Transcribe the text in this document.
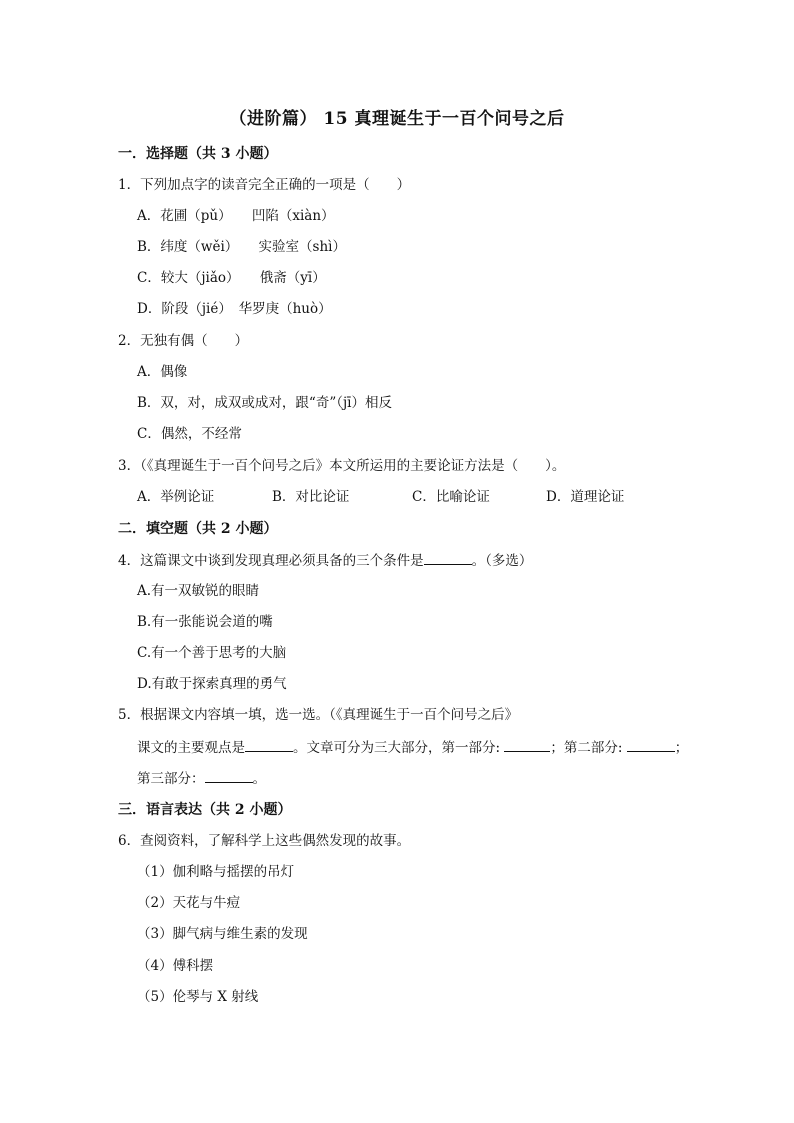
（进阶篇） 15 真理诞生于一百个问号之后
一．选择题（共 3 小题）
1．下列加点字的读音完全正确的一项是（　　）
A．花圃（pǔ）　　凹陷（xiàn）
B．纬度（wěi）　　实验室（shì）
C．较大（jiǎo）　　俄斋（yī）
D．阶段（jié）　华罗庚（huò）
2．无独有偶（　　）
A．偶像
B．双，对，成双或成对，跟“奇”（jī）相反
C．偶然，不经常
3．（《真理诞生于一百个问号之后》本文所运用的主要论证方法是（　　）。
A．举例论证	B．对比论证	C．比喻论证	D．道理论证
二．填空题（共 2 小题）
4．这篇课文中谈到发现真理必须具备的三个条件是	。（多选）
A.有一双敏锐的眼睛
B.有一张能说会道的嘴
C.有一个善于思考的大脑
D.有敢于探索真理的勇气
5．根据课文内容填一填，选一选。（《真理诞生于一百个问号之后》
课文的主要观点是	。文章可分为三大部分，第一部分:	；第二部分:	；
第三部分：	。
三．语言表达（共 2 小题）
6．查阅资料，了解科学上这些偶然发现的故事。
（1）伽利略与摇摆的吊灯
（2）天花与牛痘
（3）脚气病与维生素的发现
（4）傅科摆
（5）伦琴与 X 射线
